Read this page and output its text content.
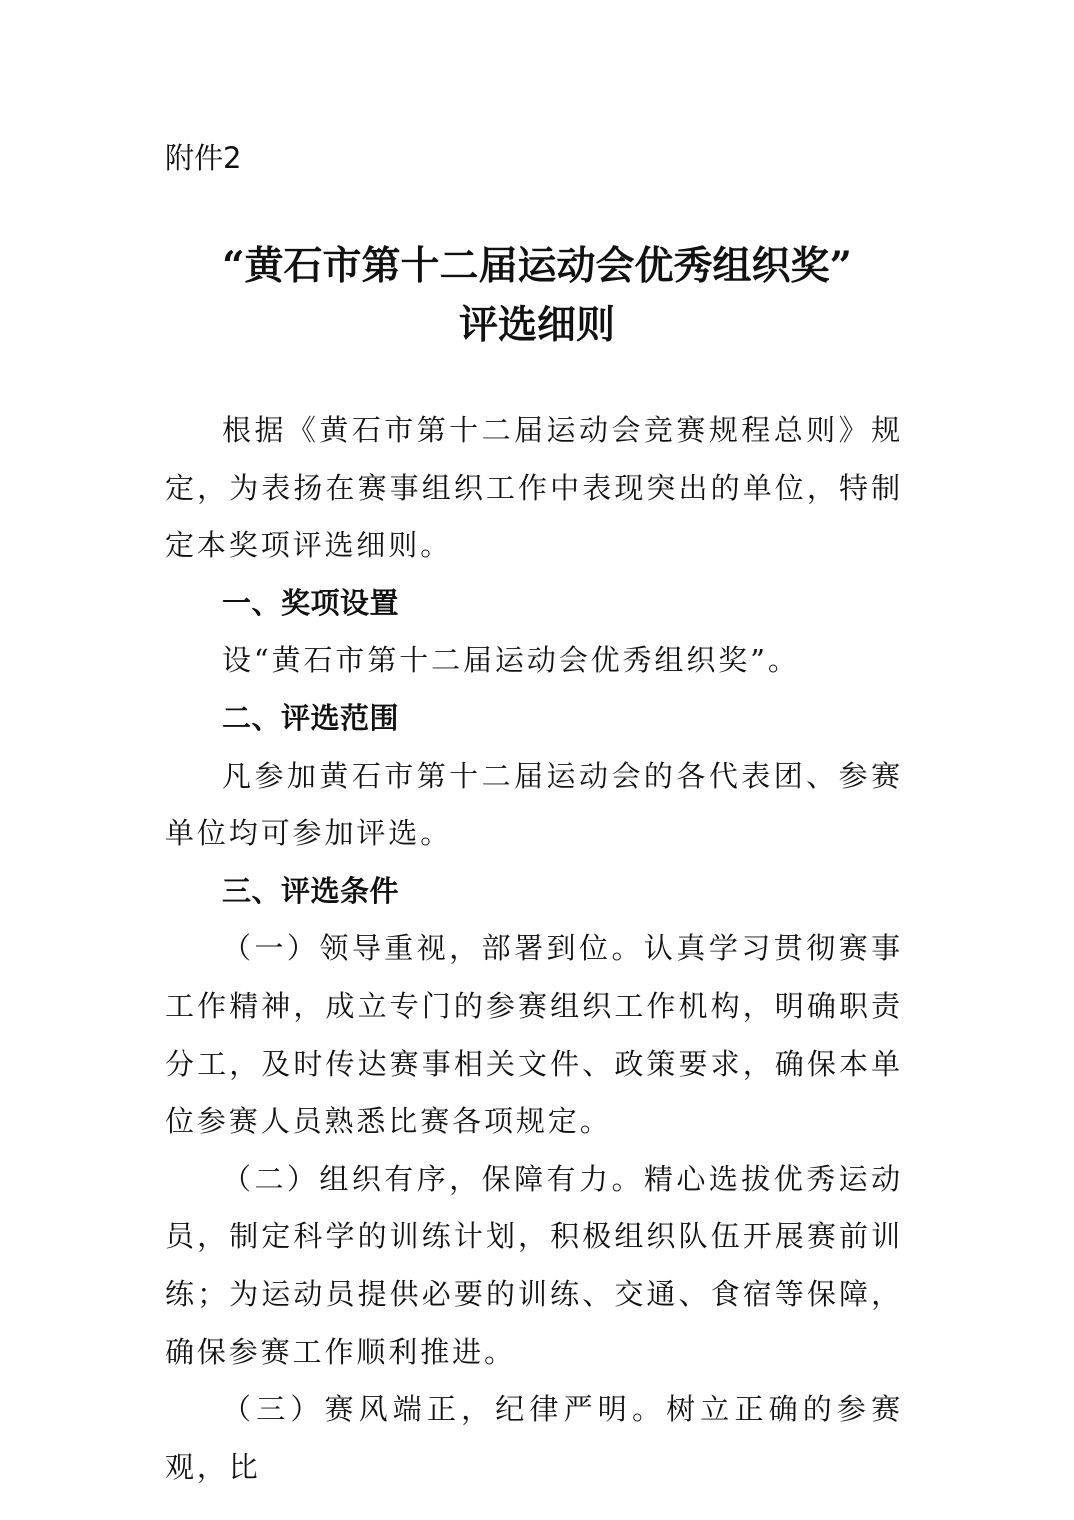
附件2
“黄石市第十二届运动会优秀组织奖”
评选细则

根据《黄石市第十二届运动会竞赛规程总则》规定，为表扬在赛事组织工作中表现突出的单位，特制定本奖项评选细则。

一、奖项设置

设“黄石市第十二届运动会优秀组织奖”。

二、评选范围

凡参加黄石市第十二届运动会的各代表团、参赛单位均可参加评选。

三、评选条件

（一）领导重视，部署到位。认真学习贯彻赛事工作精神，成立专门的参赛组织工作机构，明确职责分工，及时传达赛事相关文件、政策要求，确保本单位参赛人员熟悉比赛各项规定。

（二）组织有序，保障有力。精心选拔优秀运动员，制定科学的训练计划，积极组织队伍开展赛前训练；为运动员提供必要的训练、交通、食宿等保障，确保参赛工作顺利推进。

（三）赛风端正，纪律严明。树立正确的参赛观，比
